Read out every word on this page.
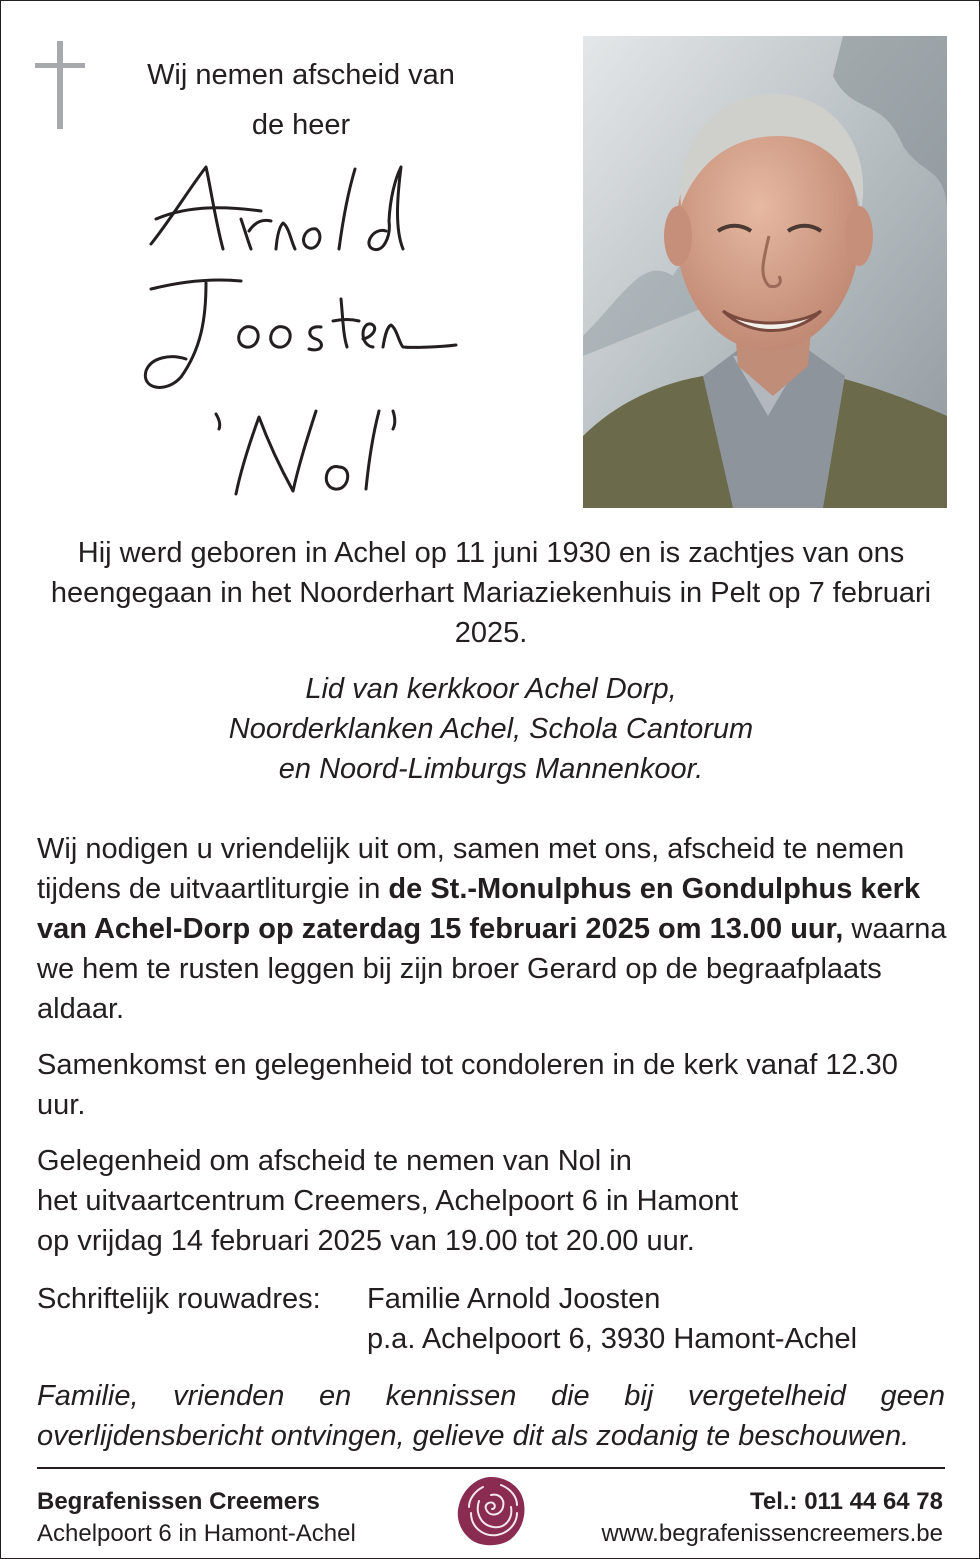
Wij nemen afscheid van
de heer
Hij werd geboren in Achel op 11 juni 1930 en is zachtjes van ons heengegaan in het Noorderhart Mariaziekenhuis in Pelt op 7 februari 2025.
Lid van kerkkoor Achel Dorp,
Noorderklanken Achel, Schola Cantorum
en Noord-Limburgs Mannenkoor.
Wij nodigen u vriendelijk uit om, samen met ons, afscheid te nemen tijdens de uitvaartliturgie in de St.-Monulphus en Gondulphus kerk van Achel-Dorp op zaterdag 15 februari 2025 om 13.00 uur, waarna we hem te rusten leggen bij zijn broer Gerard op de begraafplaats aldaar.
Samenkomst en gelegenheid tot condoleren in de kerk vanaf 12.30 uur.
Gelegenheid om afscheid te nemen van Nol in
het uitvaartcentrum Creemers, Achelpoort 6 in Hamont
op vrijdag 14 februari 2025 van 19.00 tot 20.00 uur.
Schriftelijk rouwadres: Familie Arnold Joosten
p.a. Achelpoort 6, 3930 Hamont-Achel
Familie, vrienden en kennissen die bij vergetelheid geen overlijdensbericht ontvingen, gelieve dit als zodanig te beschouwen.
Begrafenissen Creemers
Achelpoort 6 in Hamont-Achel
Tel.: 011 44 64 78
www.begrafenissencreemers.be
